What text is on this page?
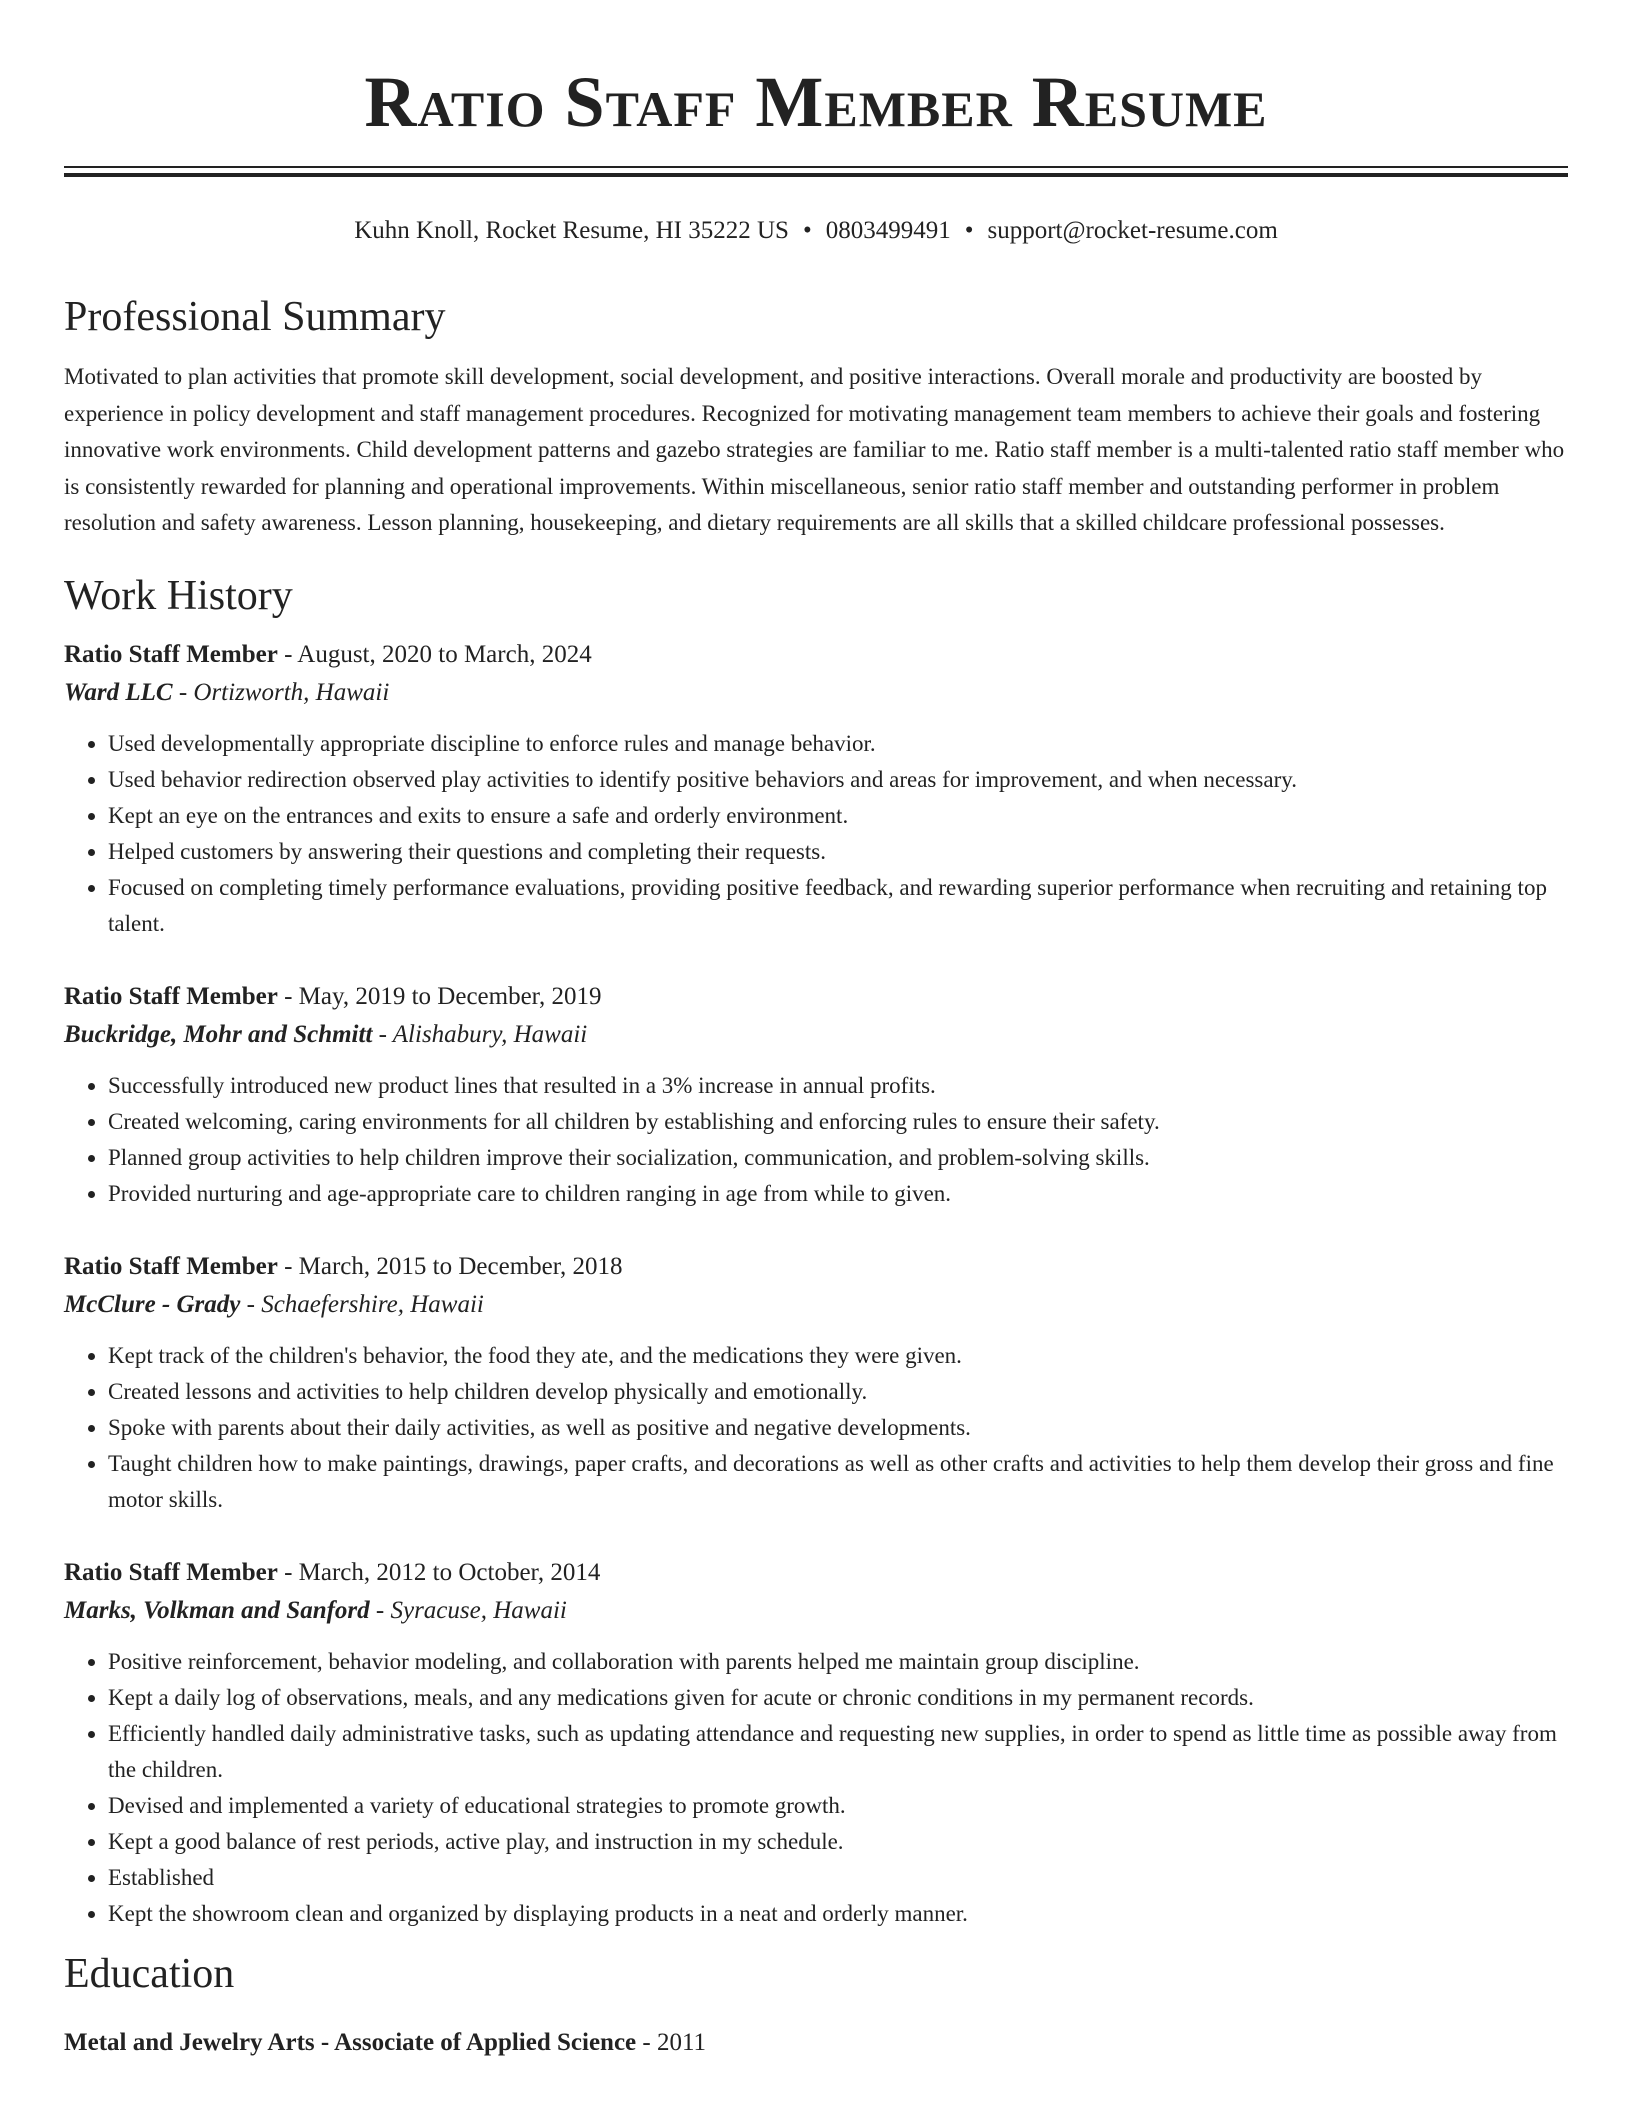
Ratio Staff Member Resume
Kuhn Knoll, Rocket Resume, HI 35222 US • 0803499491 • support@rocket-resume.com
Professional Summary

Motivated to plan activities that promote skill development, social development, and positive interactions. Overall morale and productivity are boosted by experience in policy development and staff management procedures. Recognized for motivating management team members to achieve their goals and fostering innovative work environments. Child development patterns and gazebo strategies are familiar to me. Ratio staff member is a multi-talented ratio staff member who is consistently rewarded for planning and operational improvements. Within miscellaneous, senior ratio staff member and outstanding performer in problem resolution and safety awareness. Lesson planning, housekeeping, and dietary requirements are all skills that a skilled childcare professional possesses.

Work History
Ratio Staff Member - August, 2020 to March, 2024
Ward LLC - Ortizworth, Hawaii
• Used developmentally appropriate discipline to enforce rules and manage behavior.
• Used behavior redirection observed play activities to identify positive behaviors and areas for improvement, and when necessary.
• Kept an eye on the entrances and exits to ensure a safe and orderly environment.
• Helped customers by answering their questions and completing their requests.
• Focused on completing timely performance evaluations, providing positive feedback, and rewarding superior performance when recruiting and retaining top talent.
Ratio Staff Member - May, 2019 to December, 2019
Buckridge, Mohr and Schmitt - Alishabury, Hawaii
• Successfully introduced new product lines that resulted in a 3% increase in annual profits.
• Created welcoming, caring environments for all children by establishing and enforcing rules to ensure their safety.
• Planned group activities to help children improve their socialization, communication, and problem-solving skills.
• Provided nurturing and age-appropriate care to children ranging in age from while to given.
Ratio Staff Member - March, 2015 to December, 2018
McClure - Grady - Schaefershire, Hawaii
• Kept track of the children's behavior, the food they ate, and the medications they were given.
• Created lessons and activities to help children develop physically and emotionally.
• Spoke with parents about their daily activities, as well as positive and negative developments.
• Taught children how to make paintings, drawings, paper crafts, and decorations as well as other crafts and activities to help them develop their gross and fine motor skills.
Ratio Staff Member - March, 2012 to October, 2014
Marks, Volkman and Sanford - Syracuse, Hawaii
• Positive reinforcement, behavior modeling, and collaboration with parents helped me maintain group discipline.
• Kept a daily log of observations, meals, and any medications given for acute or chronic conditions in my permanent records.
• Efficiently handled daily administrative tasks, such as updating attendance and requesting new supplies, in order to spend as little time as possible away from the children.
• Devised and implemented a variety of educational strategies to promote growth.
• Kept a good balance of rest periods, active play, and instruction in my schedule.
• Established
• Kept the showroom clean and organized by displaying products in a neat and orderly manner.
Education
Metal and Jewelry Arts - Associate of Applied Science - 2011
